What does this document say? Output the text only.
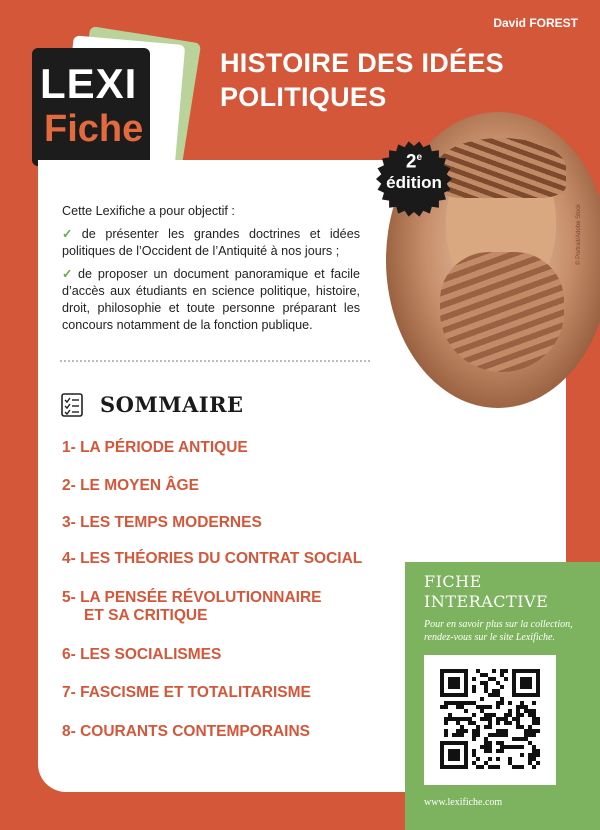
David FOREST
LEXI
Fiche
HISTOIRE DES IDÉES
POLITIQUES
© Portrait/Adobe Stock
2e
édition

Cette Lexifiche a pour objectif :

✓ de présenter les grandes doctrines et idées politiques de l’Occident de l’Antiquité à nos jours ;

✓ de proposer un document panoramique et facile d’accès aux étudiants en science politique, histoire, droit, philosophie et toute personne préparant les concours notamment de la fonction publique.

SOMMAIRE
1- LA PÉRIODE ANTIQUE
2- LE MOYEN ÂGE
3- LES TEMPS MODERNES
4- LES THÉORIES DU CONTRAT SOCIAL
5- LA PENSÉE RÉVOLUTIONNAIRE
ET SA CRITIQUE
6- LES SOCIALISMES
7- FASCISME ET TOTALITARISME
8- COURANTS CONTEMPORAINS
FICHE
INTERACTIVE
Pour en savoir plus sur la collection, rendez-vous sur le site Lexifiche.
www.lexifiche.com
